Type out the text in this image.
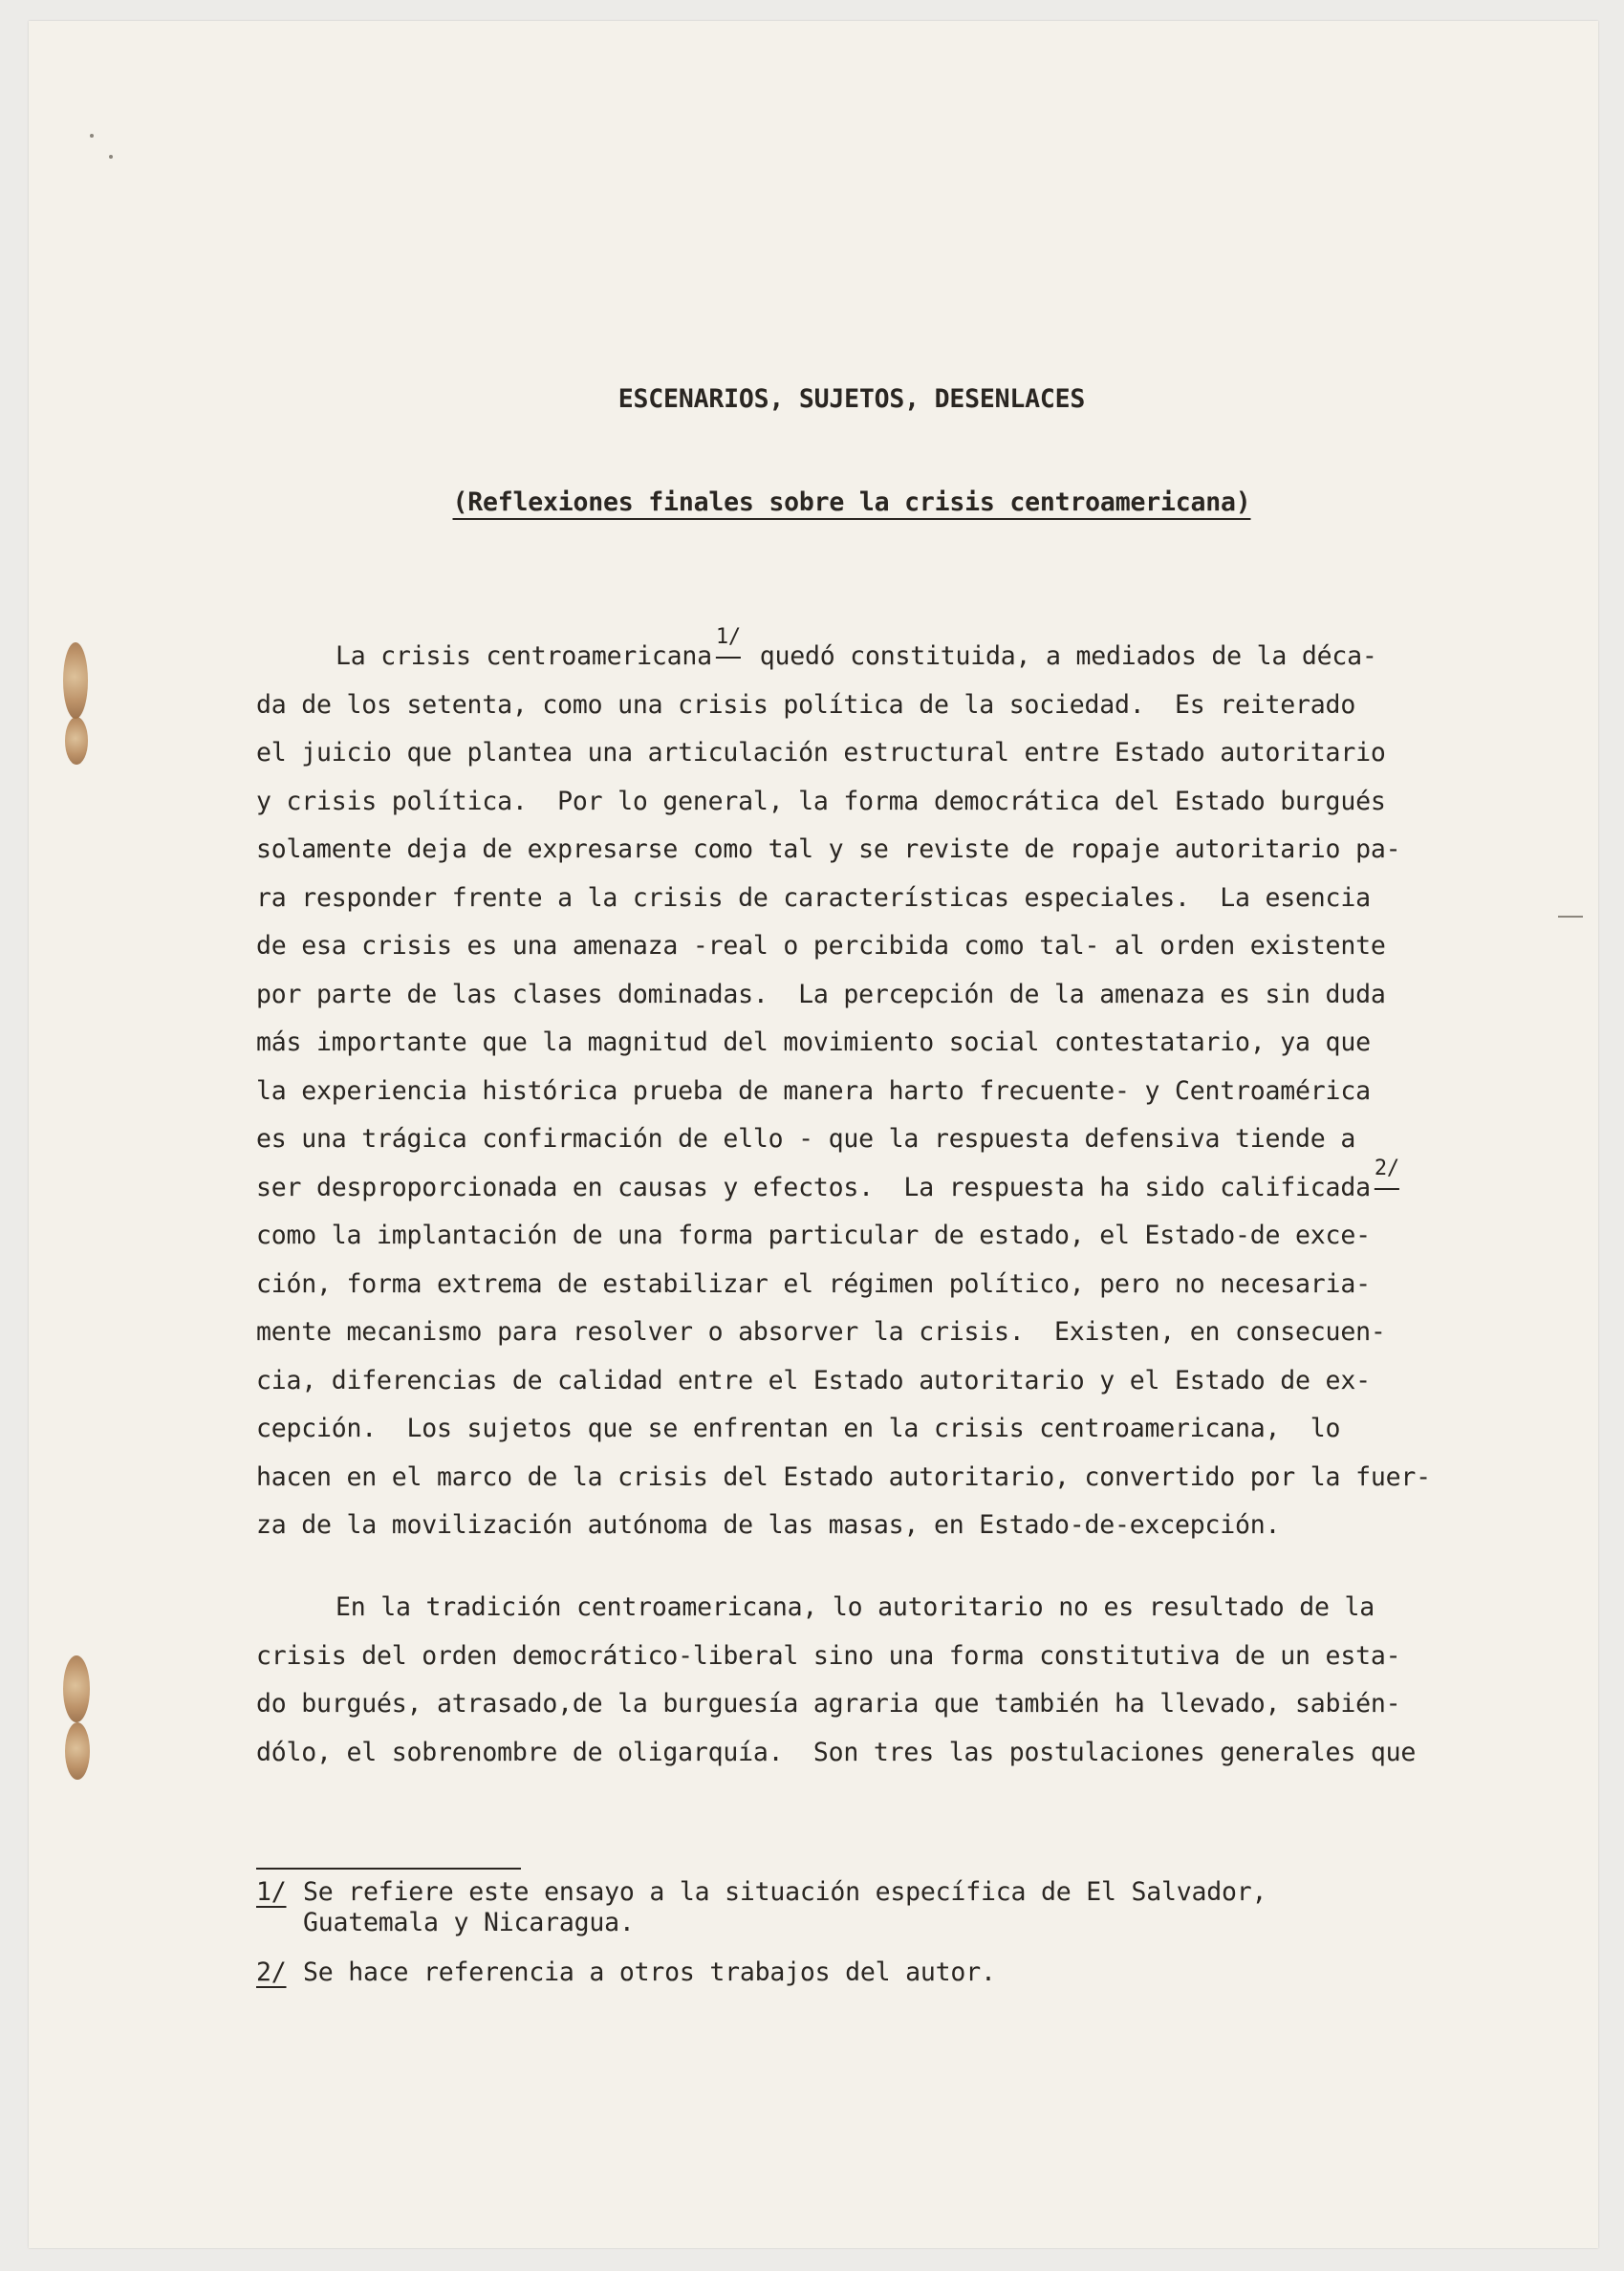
ESCENARIOS, SUJETOS, DESENLACES
(Reflexiones finales sobre la crisis centroamericana)
La crisis centroamericana1/ quedó constituida, a mediados de la déca-
da de los setenta, como una crisis política de la sociedad.  Es reiterado
el juicio que plantea una articulación estructural entre Estado autoritario
y crisis política.  Por lo general, la forma democrática del Estado burgués
solamente deja de expresarse como tal y se reviste de ropaje autoritario pa-
ra responder frente a la crisis de características especiales.  La esencia
de esa crisis es una amenaza -real o percibida como tal- al orden existente
por parte de las clases dominadas.  La percepción de la amenaza es sin duda
más importante que la magnitud del movimiento social contestatario, ya que
la experiencia histórica prueba de manera harto frecuente- y Centroamérica
es una trágica confirmación de ello - que la respuesta defensiva tiende a
ser desproporcionada en causas y efectos.  La respuesta ha sido calificada2/
como la implantación de una forma particular de estado, el Estado-de exce-
ción, forma extrema de estabilizar el régimen político, pero no necesaria-
mente mecanismo para resolver o absorver la crisis.  Existen, en consecuen-
cia, diferencias de calidad entre el Estado autoritario y el Estado de ex-
cepción.  Los sujetos que se enfrentan en la crisis centroamericana,  lo
hacen en el marco de la crisis del Estado autoritario, convertido por la fuer-
za de la movilización autónoma de las masas, en Estado-de-excepción.
En la tradición centroamericana, lo autoritario no es resultado de la
crisis del orden democrático-liberal sino una forma constitutiva de un esta-
do burgués, atrasado,de la burguesía agraria que también ha llevado, sabién-
dólo, el sobrenombre de oligarquía.  Son tres las postulaciones generales que
1/ Se refiere este ensayo a la situación específica de El Salvador,
Guatemala y Nicaragua.
2/ Se hace referencia a otros trabajos del autor.
